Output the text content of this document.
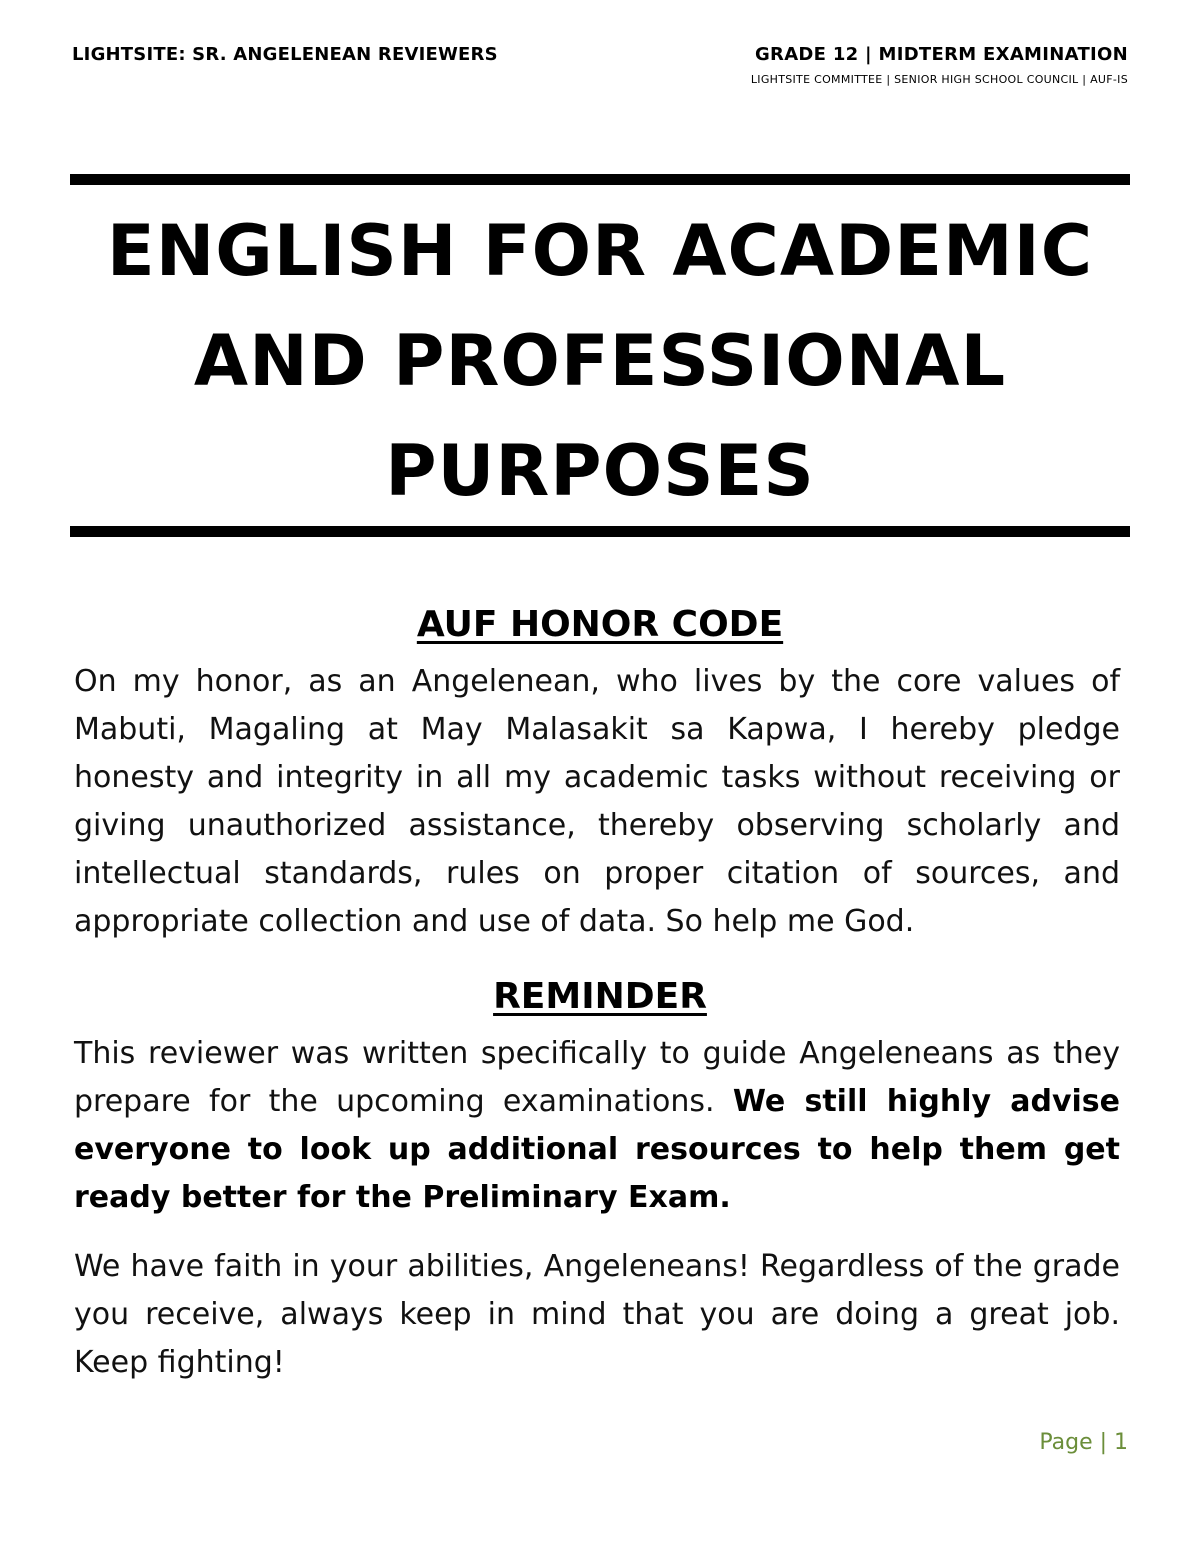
LIGHTSITE: SR. ANGELENEAN REVIEWERS	GRADE 12 | MIDTERM EXAMINATION
LIGHTSITE COMMITTEE | SENIOR HIGH SCHOOL COUNCIL | AUF-IS
ENGLISH FOR ACADEMIC
AND PROFESSIONAL
PURPOSES
AUF HONOR CODE
On my honor, as an Angelenean, who lives by the core values of Mabuti, Magaling at May Malasakit sa Kapwa, I hereby pledge honesty and integrity in all my academic tasks without receiving or giving unauthorized assistance, thereby observing scholarly and intellectual standards, rules on proper citation of sources, and appropriate collection and use of data. So help me God.
REMINDER
This reviewer was written specifically to guide Angeleneans as they prepare for the upcoming examinations. We still highly advise everyone to look up additional resources to help them get ready better for the Preliminary Exam.
We have faith in your abilities, Angeleneans! Regardless of the grade you receive, always keep in mind that you are doing a great job. Keep fighting!
Page | 1
